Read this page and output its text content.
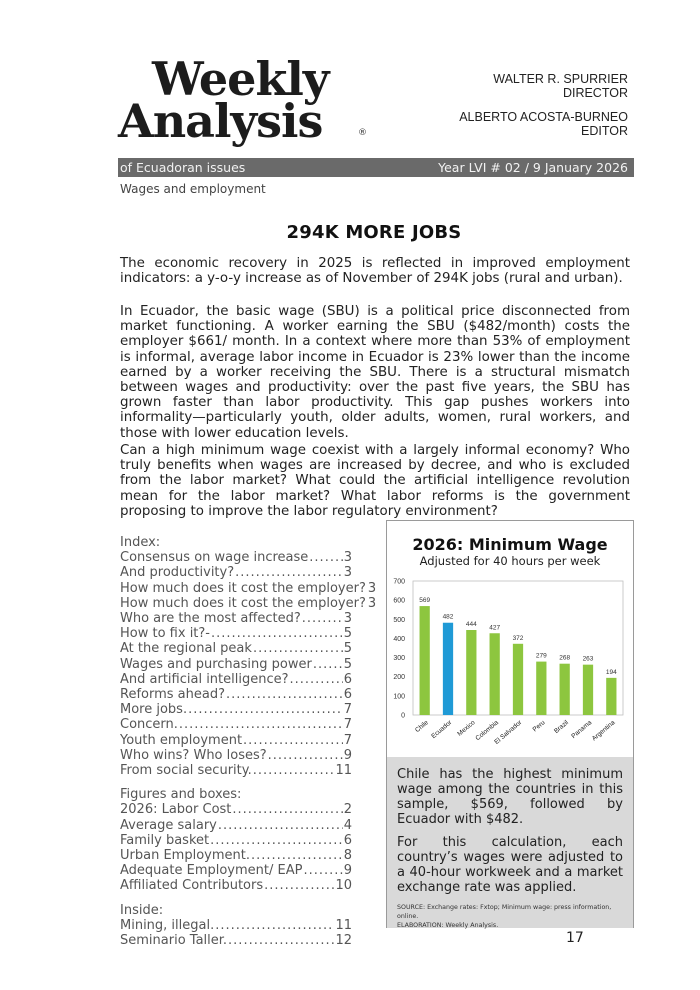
Weekly
Analysis	®
WALTER R. SPURRIER
DIRECTOR
ALBERTO ACOSTA-BURNEO
EDITOR
of Ecuadoran issues	Year LVI # 02 / 9 January 2026
Wages and employment
294K MORE JOBS

The economic recovery in 2025 is reflected in improved employment indicators: a y-o-y increase as of November of 294K jobs (rural and urban).

In Ecuador, the basic wage (SBU) is a political price disconnected from market functioning. A worker earning the SBU ($482/month) costs the employer $661/ month. In a context where more than 53% of employment is informal, average labor income in Ecuador is 23% lower than the income earned by a worker receiving the SBU. There is a structural mismatch between wages and productivity: over the past five years, the SBU has grown faster than labor productivity. This gap pushes workers into informality—particularly youth, older adults, women, rural workers, and those with lower education levels.

Can a high minimum wage coexist with a largely informal economy? Who truly benefits when wages are increased by decree, and who is excluded from the labor market? What could the artificial intelligence revolution mean for the labor market? What labor reforms is the government proposing to improve the labor regulatory environment?

Index:
Consensus on wage increase .....	3
And productivity? .....	3
How much does it cost the employer? 3
How much does it cost the employer? 3
Who are the most affected? .....	3
How to fix it?- .....	5
At the regional peak .....	5
Wages and purchasing power ..... 5
And artificial intelligence? .....	6
Reforms ahead? .....	6
More jobs. .....	7
Concern. .....	7
Youth employment .....	7
Who wins? Who loses? .....	9
From social security. .....	11
Figures and boxes:
2026: Labor Cost .....	2
Average salary .....	4
Family basket .....	6
Urban Employment. .....	8
Adequate Employment/ EAP .....	9
Affiliated Contributors .....	10
Inside:
Mining, illegal. .....	11
Seminario Taller. .....	12
2026: Minimum Wage
Adjusted for 40 hours per week
0
100
200
300
400
500
600
700
569
Chile
482
Ecuador
444
Mexico
427
Colombia
372
El Salvador
279
Peru
268
Brazil
263
Panama
194
Argentina

Chile has the highest minimum wage among the countries in this sample, $569, followed by Ecuador with $482.

For this calculation, each country’s wages were adjusted to a 40-hour workweek and a market exchange rate was applied.

SOURCE: Exchange rates: Fxtop; Minimum wage: press information, online.

ELABORATION: Weekly Analysis.

17
